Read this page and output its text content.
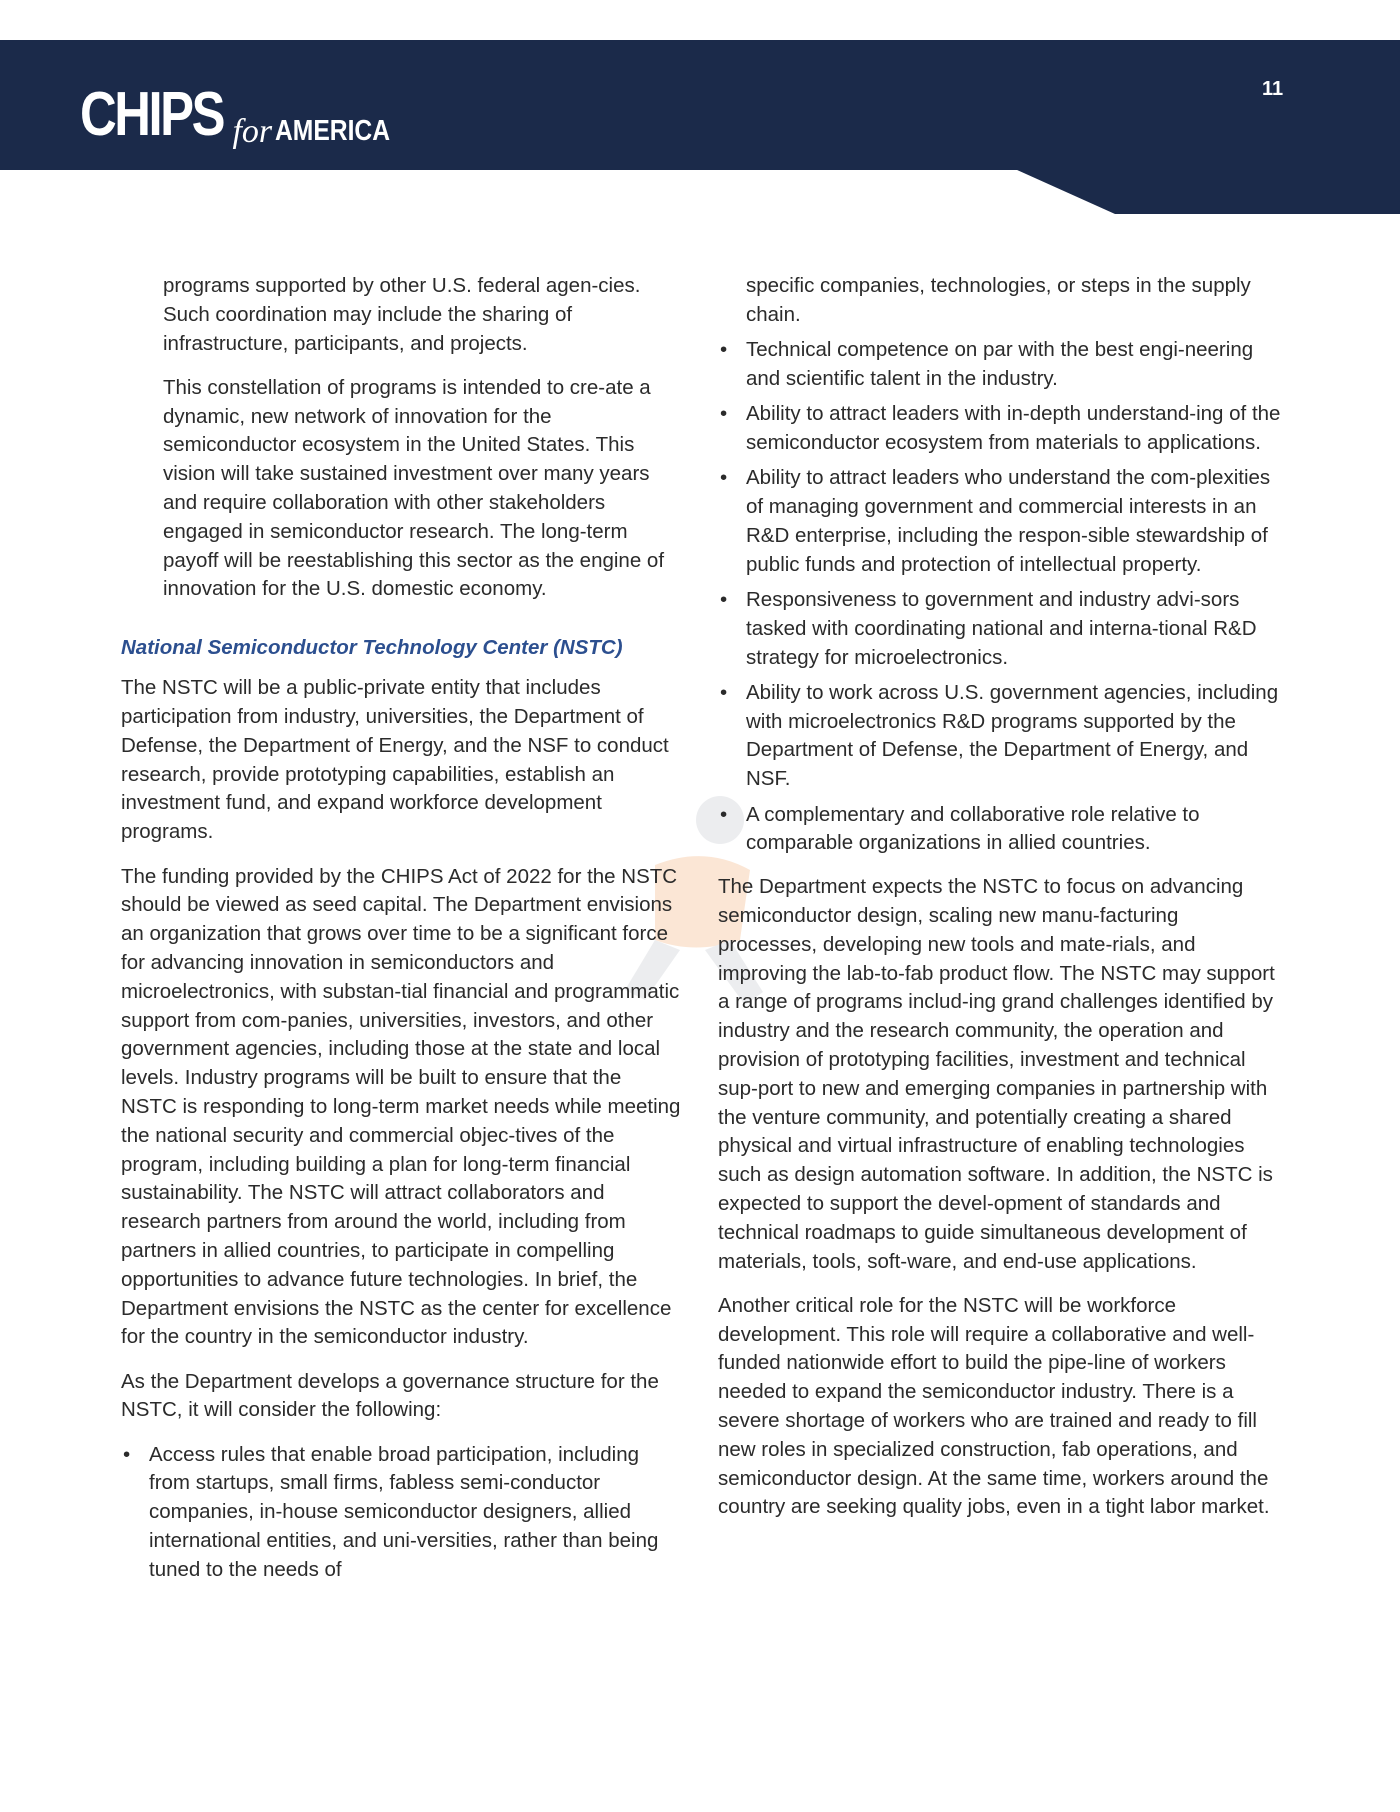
CHIPS for AMERICA
11

programs supported by other U.S. federal agen-cies. Such coordination may include the sharing of infrastructure, participants, and projects.

This constellation of programs is intended to cre-ate a dynamic, new network of innovation for the semiconductor ecosystem in the United States. This vision will take sustained investment over many years and require collaboration with other stakeholders engaged in semiconductor research. The long-term payoff will be reestablishing this sector as the engine of innovation for the U.S. domestic economy.

National Semiconductor Technology Center (NSTC)

The NSTC will be a public-private entity that includes participation from industry, universities, the Department of Defense, the Department of Energy, and the NSF to conduct research, provide prototyping capabilities, establish an investment fund, and expand workforce development programs.

The funding provided by the CHIPS Act of 2022 for the NSTC should be viewed as seed capital. The Department envisions an organization that grows over time to be a significant force for advancing innovation in semiconductors and microelectronics, with substan-tial financial and programmatic support from com-panies, universities, investors, and other government agencies, including those at the state and local levels. Industry programs will be built to ensure that the NSTC is responding to long-term market needs while meeting the national security and commercial objec-tives of the program, including building a plan for long-term financial sustainability. The NSTC will attract collaborators and research partners from around the world, including from partners in allied countries, to participate in compelling opportunities to advance future technologies. In brief, the Department envisions the NSTC as the center for excellence for the country in the semiconductor industry.

As the Department develops a governance structure for the NSTC, it will consider the following:

• Access rules that enable broad participation, including from startups, small firms, fabless semi-conductor companies, in-house semiconductor designers, allied international entities, and uni-versities, rather than being tuned to the needs of
specific companies, technologies, or steps in the supply chain.
• Technical competence on par with the best engi-neering and scientific talent in the industry.
• Ability to attract leaders with in-depth understand-ing of the semiconductor ecosystem from materials to applications.
• Ability to attract leaders who understand the com-plexities of managing government and commercial interests in an R&D enterprise, including the respon-sible stewardship of public funds and protection of intellectual property.
• Responsiveness to government and industry advi-sors tasked with coordinating national and interna-tional R&D strategy for microelectronics.
• Ability to work across U.S. government agencies, including with microelectronics R&D programs supported by the Department of Defense, the Department of Energy, and NSF.
• A complementary and collaborative role relative to comparable organizations in allied countries.

The Department expects the NSTC to focus on advancing semiconductor design, scaling new manu-facturing processes, developing new tools and mate-rials, and improving the lab-to-fab product flow. The NSTC may support a range of programs includ-ing grand challenges identified by industry and the research community, the operation and provision of prototyping facilities, investment and technical sup-port to new and emerging companies in partnership with the venture community, and potentially creating a shared physical and virtual infrastructure of enabling technologies such as design automation software. In addition, the NSTC is expected to support the devel-opment of standards and technical roadmaps to guide simultaneous development of materials, tools, soft-ware, and end-use applications.

Another critical role for the NSTC will be workforce development. This role will require a collaborative and well-funded nationwide effort to build the pipe-line of workers needed to expand the semiconductor industry. There is a severe shortage of workers who are trained and ready to fill new roles in specialized construction, fab operations, and semiconductor design. At the same time, workers around the country are seeking quality jobs, even in a tight labor market.
